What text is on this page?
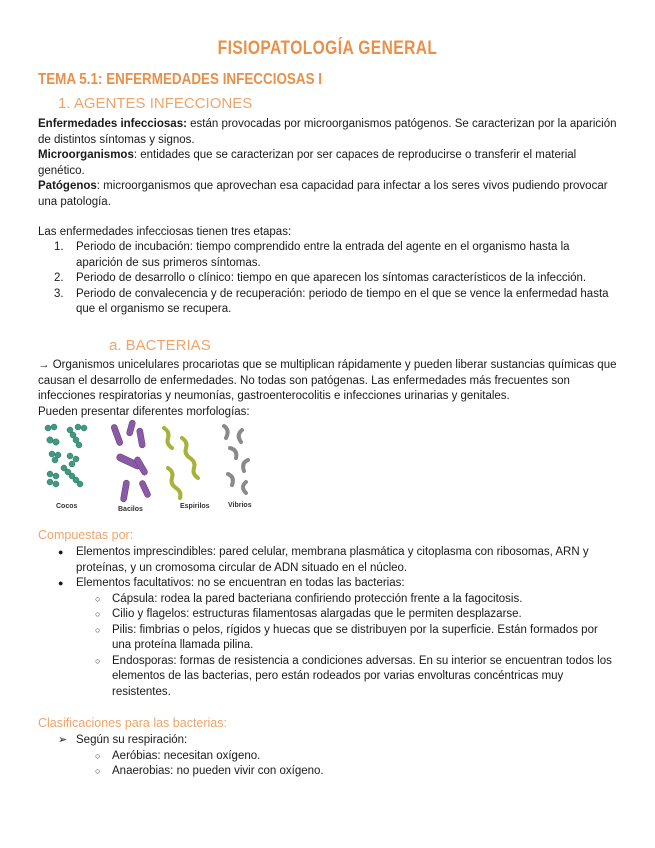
FISIOPATOLOGÍA GENERAL
TEMA 5.1: ENFERMEDADES INFECCIOSAS I
1. AGENTES INFECCIONES

Enfermedades infecciosas: están provocadas por microorganismos patógenos. Se caracterizan por la aparición de distintos síntomas y signos.

Microorganismos: entidades que se caracterizan por ser capaces de reproducirse o transferir el material genético.

Patógenos: microorganismos que aprovechan esa capacidad para infectar a los seres vivos pudiendo provocar una patología.

Las enfermedades infecciosas tienen tres etapas:

1. Periodo de incubación: tiempo comprendido entre la entrada del agente en el organismo hasta la aparición de sus primeros síntomas.
2. Periodo de desarrollo o clínico: tiempo en que aparecen los síntomas característicos de la infección.
3. Periodo de convalecencia y de recuperación: periodo de tiempo en el que se vence la enfermedad hasta que el organismo se recupera.
a. BACTERIAS

→ Organismos unicelulares procariotas que se multiplican rápidamente y pueden liberar sustancias químicas que causan el desarrollo de enfermedades. No todas son patógenas. Las enfermedades más frecuentes son infecciones respiratorias y neumonías, gastroenterocolitis e infecciones urinarias y genitales.

Pueden presentar diferentes morfologías:

Cocos	Bacilos	Espirilos	Vibrios
Compuestas por:
● Elementos imprescindibles: pared celular, membrana plasmática y citoplasma con ribosomas, ARN y proteínas, y un cromosoma circular de ADN situado en el núcleo.
● Elementos facultativos: no se encuentran en todas las bacterias:
○ Cápsula: rodea la pared bacteriana confiriendo protección frente a la fagocitosis.
○ Cilio y flagelos: estructuras filamentosas alargadas que le permiten desplazarse.
○ Pilis: fimbrias o pelos, rígidos y huecas que se distribuyen por la superficie. Están formados por una proteína llamada pilina.
○ Endosporas: formas de resistencia a condiciones adversas. En su interior se encuentran todos los elementos de las bacterias, pero están rodeados por varias envolturas concéntricas muy resistentes.
Clasificaciones para las bacterias:
➢ Según su respiración:
○ Aeróbias: necesitan oxígeno.
○ Anaerobias: no pueden vivir con oxígeno.
